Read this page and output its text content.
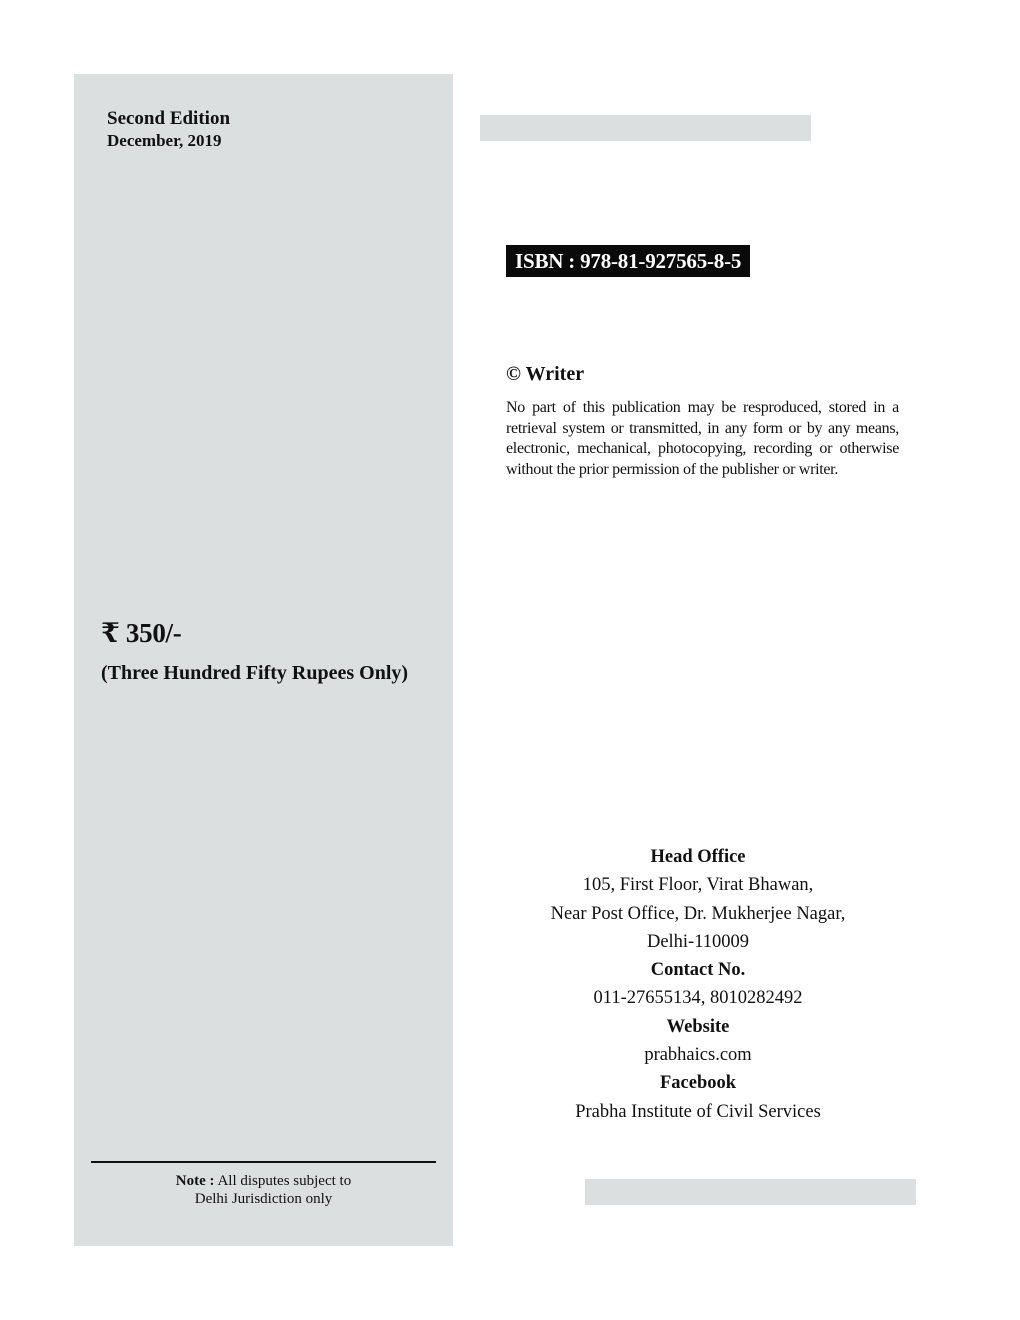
Second Edition
December, 2019
₹ 350/-
(Three Hundred Fifty Rupees Only)
Note : All disputes subject to
Delhi Jurisdiction only
ISBN : 978-81-927565-8-5
© Writer
No part of this publication may be resproduced, stored in a retrieval system or transmitted, in any form or by any means, electronic, mechanical, photocopying, recording or otherwise without the prior permission of the publisher or writer.
Head Office
105, First Floor, Virat Bhawan,
Near Post Office, Dr. Mukherjee Nagar,
Delhi-110009
Contact No.
011-27655134, 8010282492
Website
prabhaics.com
Facebook
Prabha Institute of Civil Services
